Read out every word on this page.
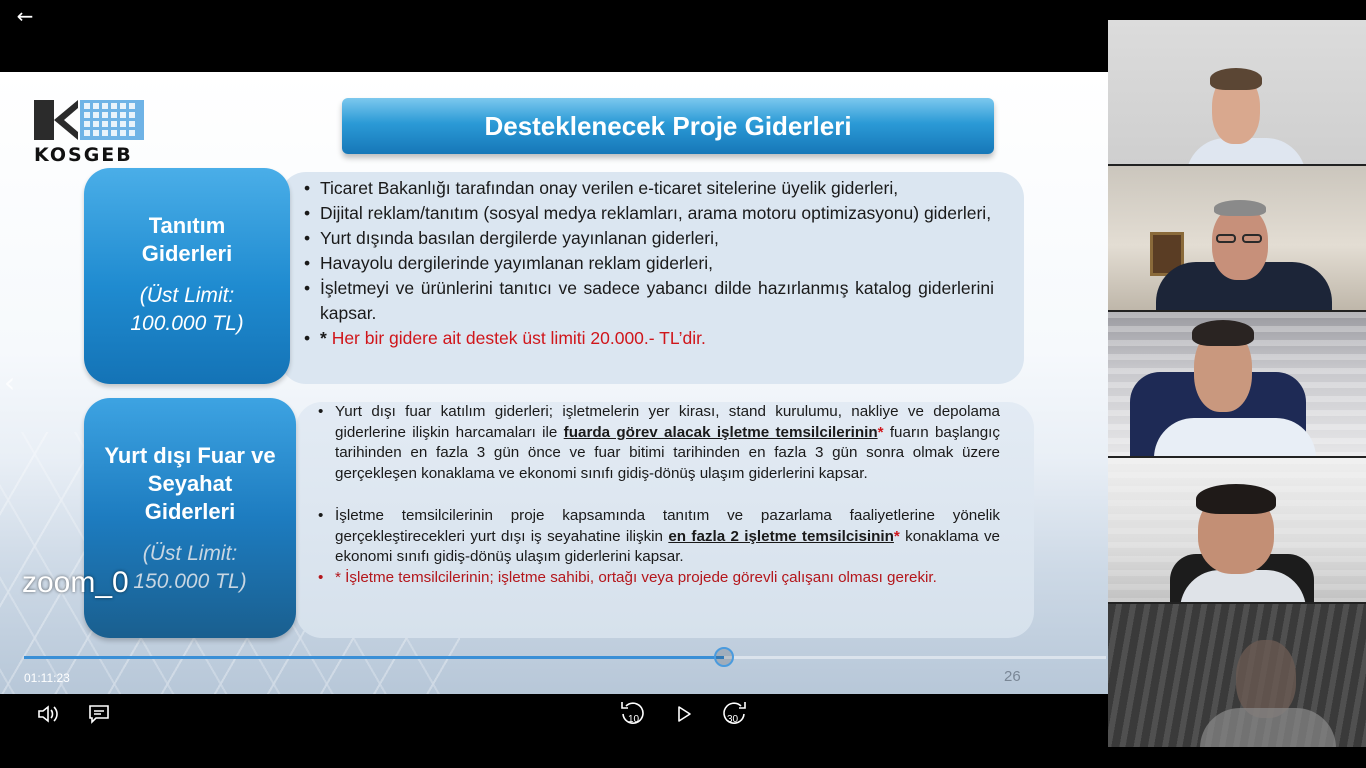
←
KOSGEB
Desteklenecek Proje Giderleri
Tanıtım
Giderleri
(Üst Limit:
100.000 TL)
• Ticaret Bakanlığı tarafından onay verilen e-ticaret sitelerine üyelik giderleri,
• Dijital reklam/tanıtım (sosyal medya reklamları, arama motoru optimizasyonu) giderleri,
• Yurt dışında basılan dergilerde yayınlanan giderleri,
• Havayolu dergilerinde yayımlanan reklam giderleri,
• İşletmeyi ve ürünlerini tanıtıcı ve sadece yabancı dilde hazırlanmış katalog giderlerini kapsar.
• * Her bir gidere ait destek üst limiti 20.000.- TL’dir.
Yurt dışı Fuar ve
Seyahat
Giderleri
(Üst Limit:
150.000 TL)
• Yurt dışı fuar katılım giderleri; işletmelerin yer kirası, stand kurulumu, nakliye ve depolama giderlerine ilişkin harcamaları ile fuarda görev alacak işletme temsilcilerinin* fuarın başlangıç tarihinden en fazla 3 gün önce ve fuar bitimi tarihinden en fazla 3 gün sonra olmak üzere gerçekleşen konaklama ve ekonomi sınıfı gidiş-dönüş ulaşım giderlerini kapsar.
• İşletme temsilcilerinin proje kapsamında tanıtım ve pazarlama faaliyetlerine yönelik gerçekleştirecekleri yurt dışı iş seyahatine ilişkin en fazla 2 işletme temsilcisinin* konaklama ve ekonomi sınıfı gidiş-dönüş ulaşım giderlerini kapsar.
• * İşletme temsilcilerinin; işletme sahibi, ortağı veya projede görevli çalışanı olması gerekir.
26
‹
zoom_0
01:11:23
10	30
